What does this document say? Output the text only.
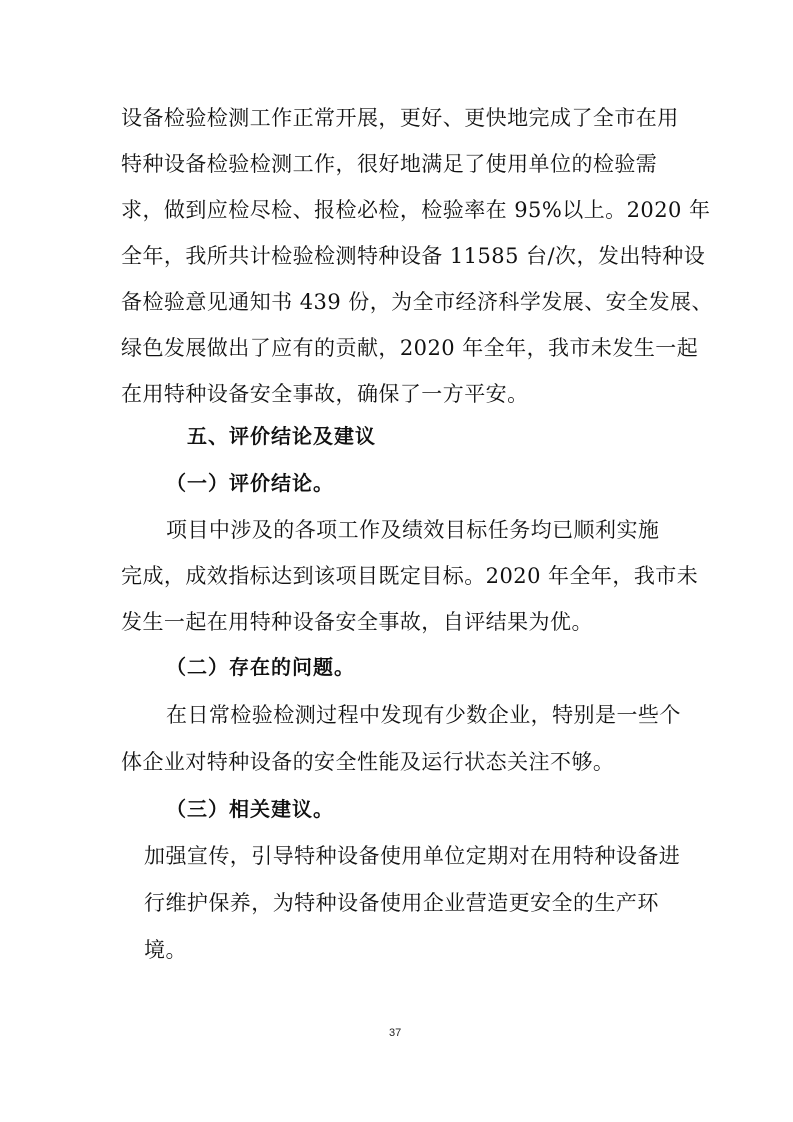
设备检验检测工作正常开展，更好、更快地完成了全市在用
特种设备检验检测工作，很好地满足了使用单位的检验需
求，做到应检尽检、报检必检，检验率在 95%以上。2020 年
全年，我所共计检验检测特种设备 11585 台/次，发出特种设
备检验意见通知书 439 份，为全市经济科学发展、安全发展、
绿色发展做出了应有的贡献，2020 年全年，我市未发生一起
在用特种设备安全事故，确保了一方平安。
五、评价结论及建议
（一）评价结论。
项目中涉及的各项工作及绩效目标任务均已顺利实施
完成，成效指标达到该项目既定目标。2020 年全年，我市未
发生一起在用特种设备安全事故，自评结果为优。
（二）存在的问题。
在日常检验检测过程中发现有少数企业，特别是一些个
体企业对特种设备的安全性能及运行状态关注不够。
（三）相关建议。
加强宣传，引导特种设备使用单位定期对在用特种设备进
行维护保养，为特种设备使用企业营造更安全的生产环
境。
37
